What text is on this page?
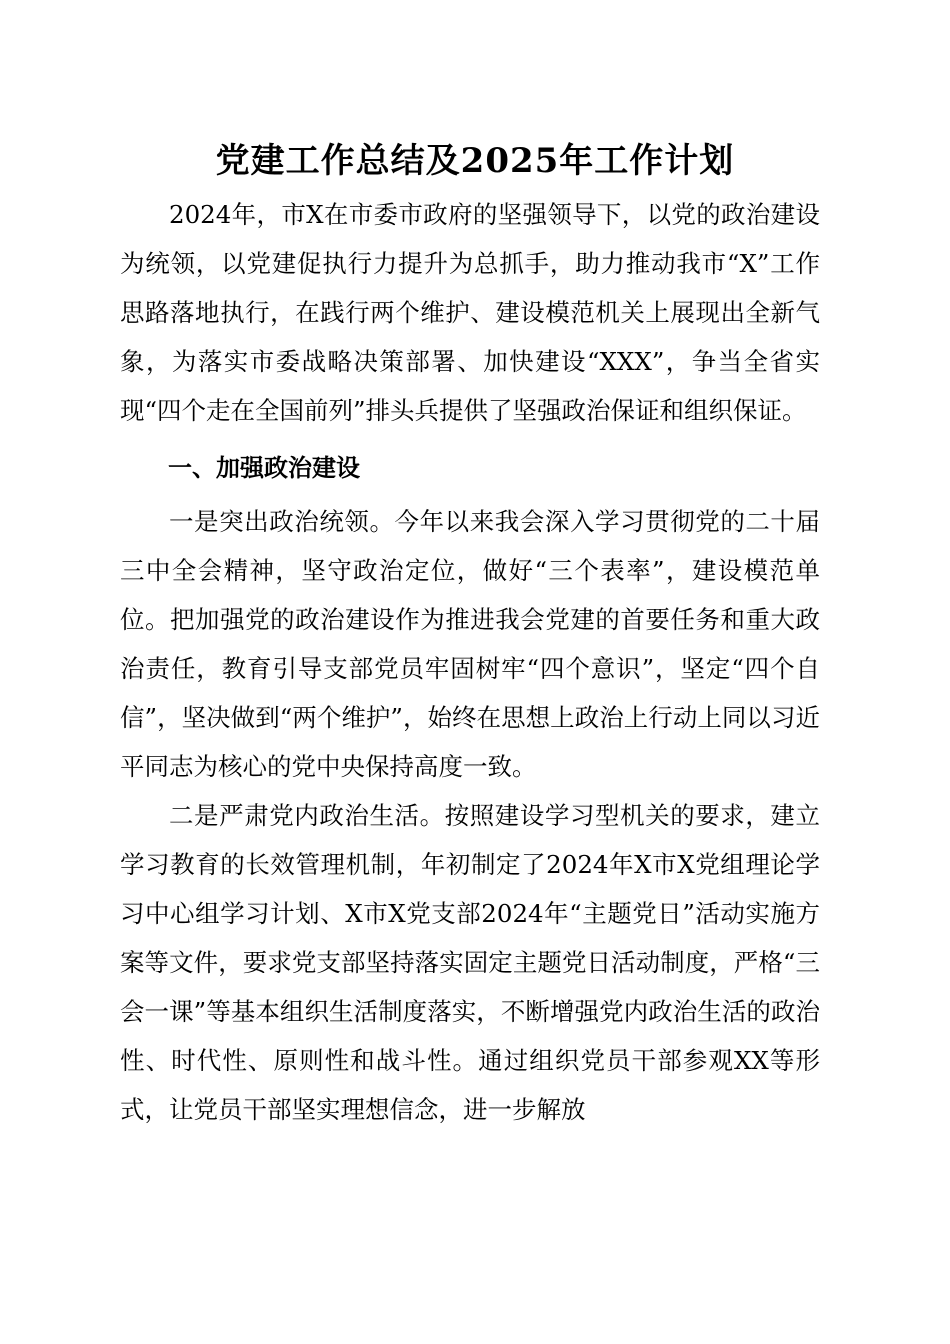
党建工作总结及2025年工作计划

2024年，市X在市委市政府的坚强领导下，以党的政治建设为统领，以党建促执行力提升为总抓手，助力推动我市“X”工作思路落地执行，在践行两个维护、建设模范机关上展现出全新气象，为落实市委战略决策部署、加快建设“XXX”，争当全省实现“四个走在全国前列”排头兵提供了坚强政治保证和组织保证。

一、加强政治建设

一是突出政治统领。今年以来我会深入学习贯彻党的二十届三中全会精神，坚守政治定位，做好“三个表率”，建设模范单位。把加强党的政治建设作为推进我会党建的首要任务和重大政治责任，教育引导支部党员牢固树牢“四个意识”，坚定“四个自信”，坚决做到“两个维护”，始终在思想上政治上行动上同以习近平同志为核心的党中央保持高度一致。

二是严肃党内政治生活。按照建设学习型机关的要求，建立学习教育的长效管理机制，年初制定了2024年X市X党组理论学习中心组学习计划、X市X党支部2024年“主题党日”活动实施方案等文件，要求党支部坚持落实固定主题党日活动制度，严格“三会一课”等基本组织生活制度落实，不断增强党内政治生活的政治性、时代性、原则性和战斗性。通过组织党员干部参观XX等形式，让党员干部坚实理想信念，进一步解放
